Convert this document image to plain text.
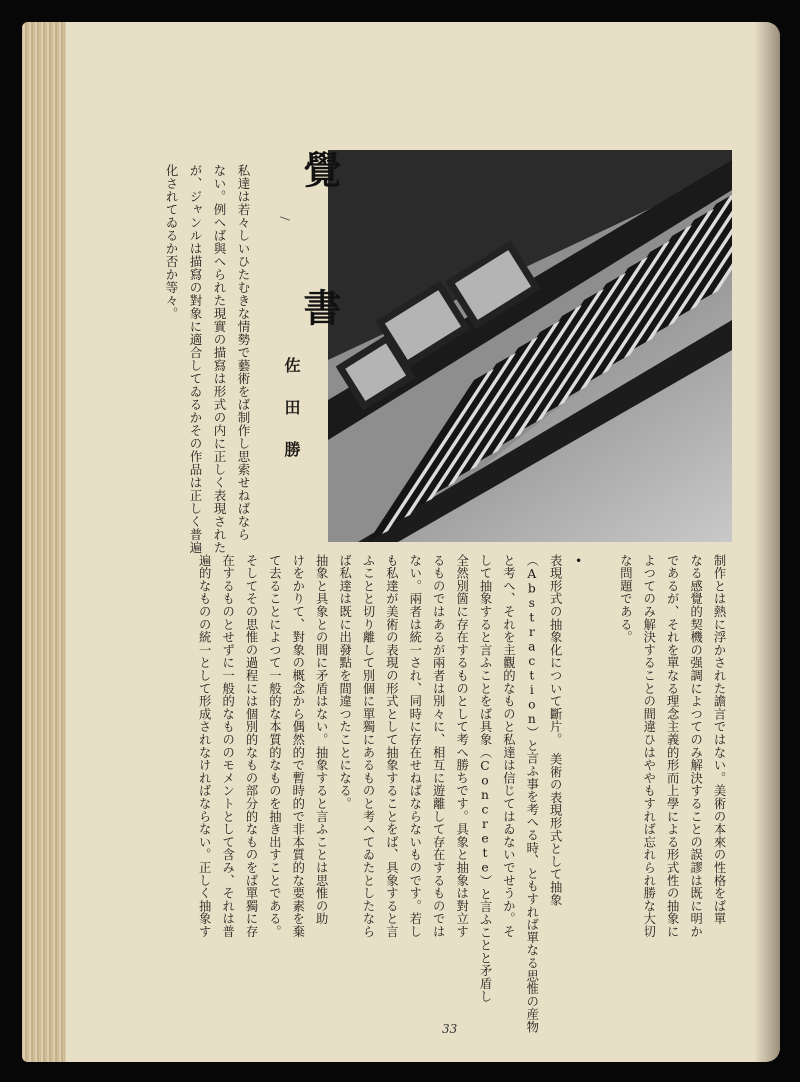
覺
書
佐田勝
私達は若々しいひたむきな情勢で藝術をば制作し思索せねばなら
ない。例へば與へられた現實の描寫は形式の内に正しく表現された
が、ジャンルは描寫の對象に適合してゐるかその作品は正しく普遍
化されてゐるか否か等々。
制作とは熱に浮かされた譫言ではない。美術の本來の性格をば單
なる感覺的契機の强調によつてのみ解決することの誤謬は既に明か
であるが、それを單なる理念主義的形而上學による形式性の抽象に
よつてのみ解決することの間違ひはややもすれば忘れられ勝な大切
な問題である。
•
表現形式の抽象化について斷片。　美術の表現形式として抽象
（Abstraction）と言ふ事を考へる時、ともすれば單なる思惟の産物
と考へ、それを主觀的なものと私達は信じてはゐないでせうか。そ
して抽象すると言ふことをば具象（Concrete）と言ふことと矛盾し
全然別箇に存在するものとして考へ勝ちです。具象と抽象は對立す
るものではあるが兩者は別々に、相互に遊離して存在するものでは
ない。兩者は統一され、同時に存在せねばならないものです。若し
も私達が美術の表現の形式として抽象することをば、具象すると言
ふことと切り離して別個に單獨にあるものと考へてゐたとしたなら
ば私達は既に出發點を間違つたことになる。
抽象と具象との間に矛盾はない。抽象すると言ふことは思惟の助
けをかりて、對象の概念から偶然的で暫時的で非本質的な要素を棄
て去ることによつて一般的な本質的なものを抽き出すことである。
そしてその思惟の過程には個別的なもの部分的なものをば單獨に存
在するものとせずに一般的なもののモメントとして含み、それは普
遍的なものの統一として形成されなければならない。正しく抽象す
33
